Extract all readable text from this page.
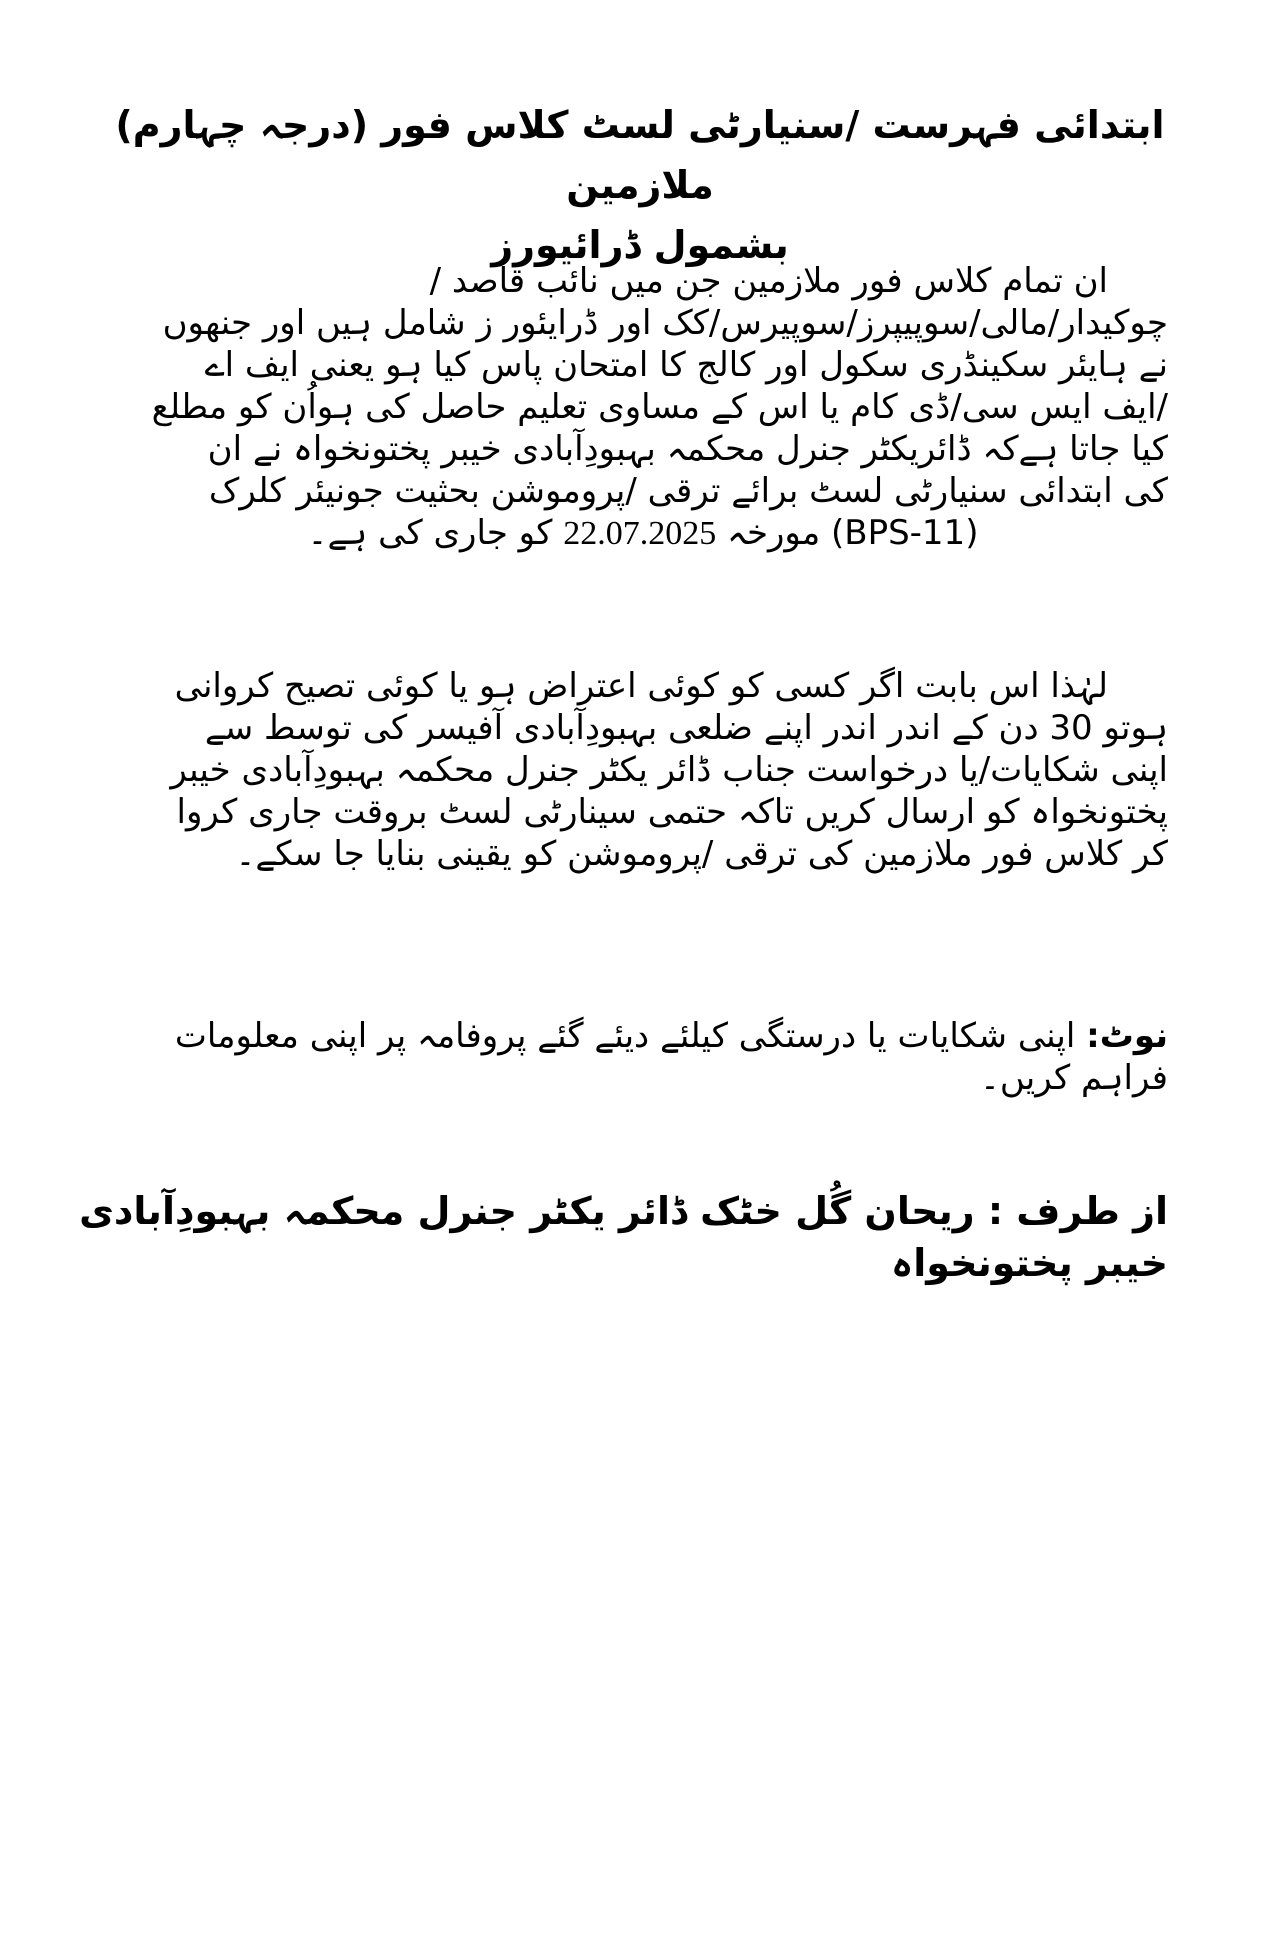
ابتدائی فہرست /سنیارٹی لسٹ کلاس فور (درجہ چہارم) ملازمین
بشمول ڈرائیورز
ان تمام کلاس فور ملازمین جن میں نائب قاصد /
چوکیدار/مالی/سوپیپرز/سوپیرس/کک اور ڈرایئور ز شامل ہیں اور جنھوں
نے ہایئر سکینڈری سکول اور کالج کا امتحان پاس کیا ہو یعنی ایف اے
/ایف ایس سی/ڈی کام یا اس کے مساوی تعلیم حاصل کی ہواُن کو مطلع
کیا جاتا ہےکہ ڈائریکٹر جنرل محکمہ بہبودِآبادی خیبر پختونخواہ نے ان
کی ابتدائی سنیارٹی لسٹ برائے ترقی /پروموشن بحثیت جونیئر کلرک
(BPS-11) مورخہ 22.07.2025 کو جاری کی ہے۔
لہٰذا اس بابت اگر کسی کو کوئی اعتراض ہو یا کوئی تصیح کروانی
ہوتو 30 دن کے اندر اندر اپنے ضلعی بہبودِآبادی آفیسر کی توسط سے
اپنی شکایات/یا درخواست جناب ڈائر یکٹر جنرل محکمہ بہبودِآبادی خیبر
پختونخواہ کو ارسال کریں تاکہ حتمی سینارٹی لسٹ بروقت جاری کروا
کر کلاس فور ملازمین کی ترقی /پروموشن کو یقینی بنایا جا سکے۔
نوٹ: اپنی شکایات یا درستگی کیلئے دیئے گئے پروفامہ پر اپنی معلومات
فراہم کریں۔
از طرف : ریحان گُل خٹک ڈائر یکٹر جنرل محکمہ بہبودِآبادی
خیبر پختونخواہ
